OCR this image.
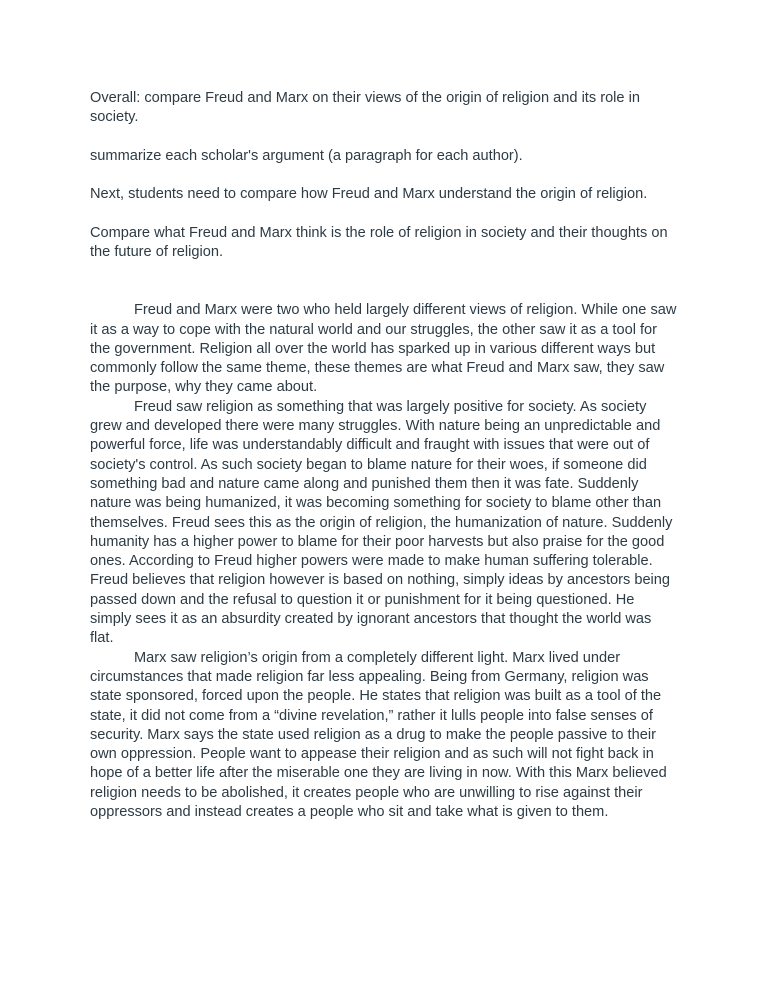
Overall: compare Freud and Marx on their views of the origin of religion and its role in society.

summarize each scholar's argument (a paragraph for each author).

Next, students need to compare how Freud and Marx understand the origin of religion.

Compare what Freud and Marx think is the role of religion in society and their thoughts on the future of religion.

Freud and Marx were two who held largely different views of religion. While one saw it as a way to cope with the natural world and our struggles, the other saw it as a tool for the government. Religion all over the world has sparked up in various different ways but commonly follow the same theme, these themes are what Freud and Marx saw, they saw the purpose, why they came about.

Freud saw religion as something that was largely positive for society. As society grew and developed there were many struggles. With nature being an unpredictable and powerful force, life was understandably difficult and fraught with issues that were out of society's control. As such society began to blame nature for their woes, if someone did something bad and nature came along and punished them then it was fate. Suddenly nature was being humanized, it was becoming something for society to blame other than themselves. Freud sees this as the origin of religion, the humanization of nature. Suddenly humanity has a higher power to blame for their poor harvests but also praise for the good ones. According to Freud higher powers were made to make human suffering tolerable. Freud believes that religion however is based on nothing, simply ideas by ancestors being passed down and the refusal to question it or punishment for it being questioned. He simply sees it as an absurdity created by ignorant ancestors that thought the world was flat.

Marx saw religion’s origin from a completely different light. Marx lived under circumstances that made religion far less appealing. Being from Germany, religion was state sponsored, forced upon the people. He states that religion was built as a tool of the state, it did not come from a “divine revelation,” rather it lulls people into false senses of security. Marx says the state used religion as a drug to make the people passive to their own oppression. People want to appease their religion and as such will not fight back in hope of a better life after the miserable one they are living in now. With this Marx believed religion needs to be abolished, it creates people who are unwilling to rise against their oppressors and instead creates a people who sit and take what is given to them.
